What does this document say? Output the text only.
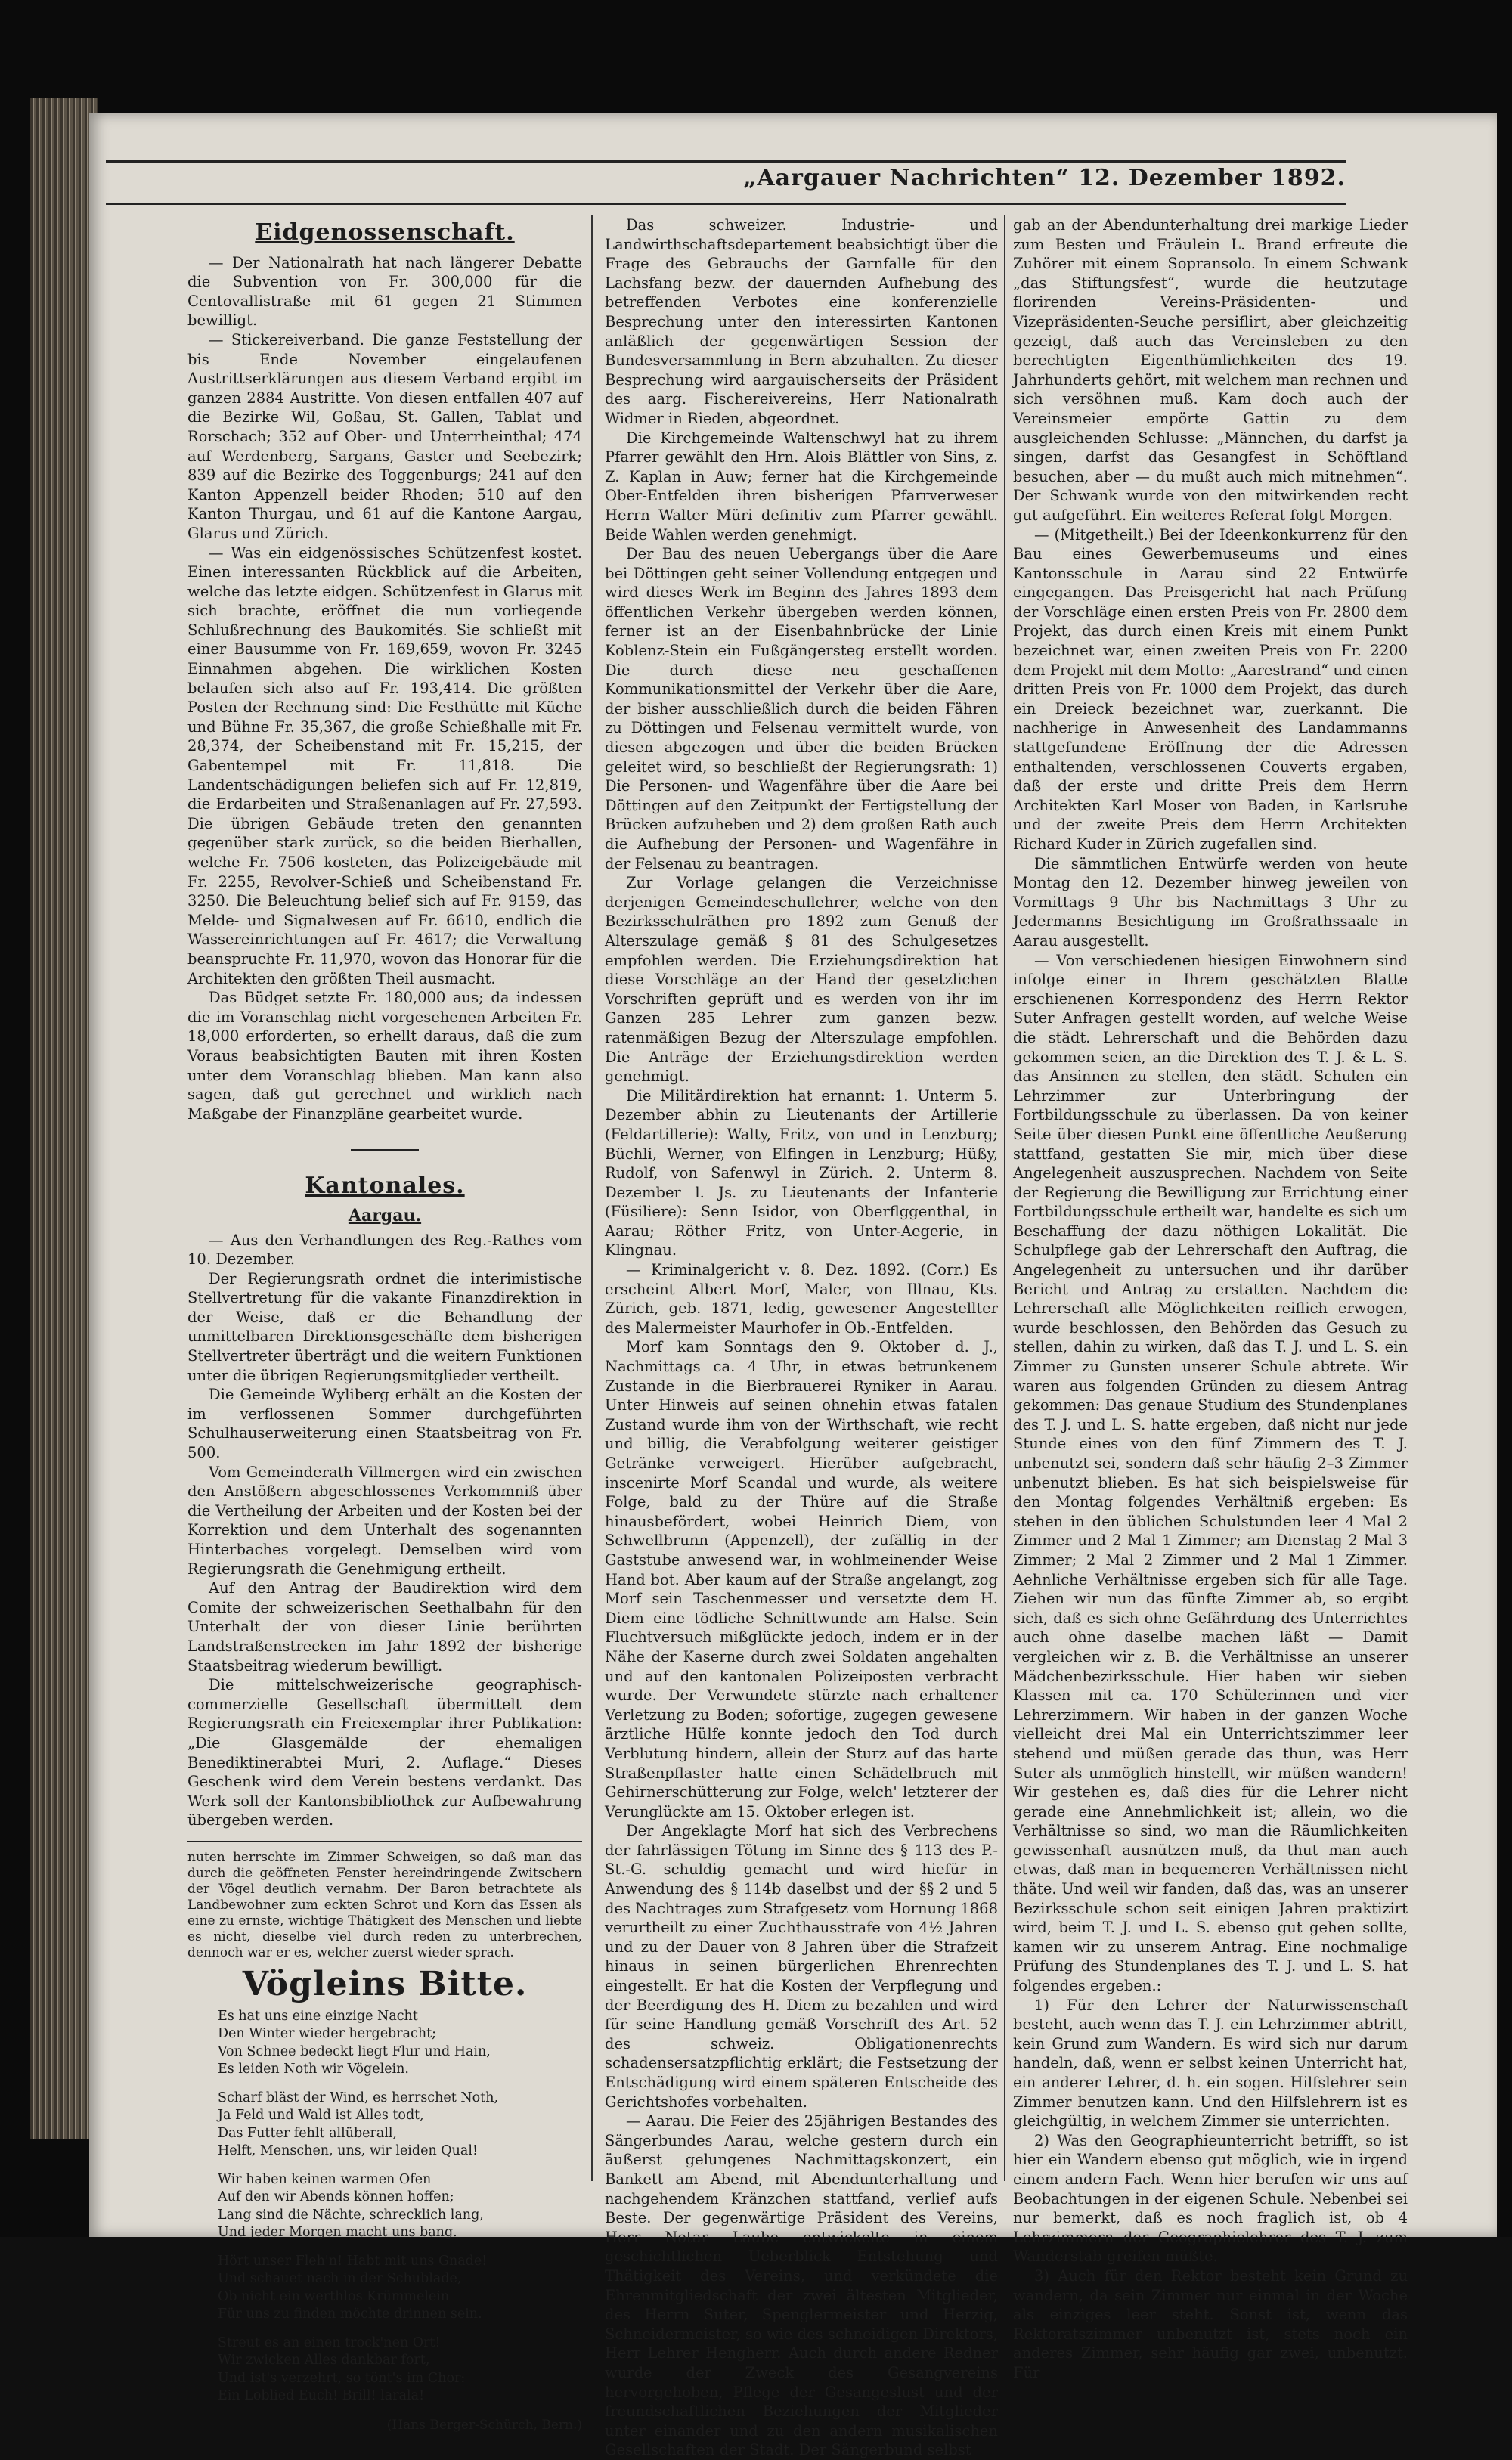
„Aargauer Nachrichten“ 12. Dezember 1892.
Eidgenossenschaft.

— Der Nationalrath hat nach längerer Debatte die Subvention von Fr. 300,000 für die Centovallistraße mit 61 gegen 21 Stimmen bewilligt.

— Stickereiverband. Die ganze Feststellung der bis Ende November eingelaufenen Austrittserklärungen aus diesem Verband ergibt im ganzen 2884 Austritte. Von diesen entfallen 407 auf die Bezirke Wil, Goßau, St. Gallen, Tablat und Rorschach; 352 auf Ober- und Unterrheinthal; 474 auf Werdenberg, Sargans, Gaster und Seebezirk; 839 auf die Bezirke des Toggenburgs; 241 auf den Kanton Appenzell beider Rhoden; 510 auf den Kanton Thurgau, und 61 auf die Kantone Aargau, Glarus und Zürich.

— Was ein eidgenössisches Schützenfest kostet. Einen interessanten Rückblick auf die Arbeiten, welche das letzte eidgen. Schützenfest in Glarus mit sich brachte, eröffnet die nun vorliegende Schlußrechnung des Baukomités. Sie schließt mit einer Bausumme von Fr. 169,659, wovon Fr. 3245 Einnahmen abgehen. Die wirklichen Kosten belaufen sich also auf Fr. 193,414. Die größten Posten der Rechnung sind: Die Festhütte mit Küche und Bühne Fr. 35,367, die große Schießhalle mit Fr. 28,374, der Scheibenstand mit Fr. 15,215, der Gabentempel mit Fr. 11,818. Die Landentschädigungen beliefen sich auf Fr. 12,819, die Erdarbeiten und Straßenanlagen auf Fr. 27,593. Die übrigen Gebäude treten den genannten gegenüber stark zurück, so die beiden Bierhallen, welche Fr. 7506 kosteten, das Polizeigebäude mit Fr. 2255, Revolver-Schieß und Scheibenstand Fr. 3250. Die Beleuchtung belief sich auf Fr. 9159, das Melde- und Signalwesen auf Fr. 6610, endlich die Wassereinrichtungen auf Fr. 4617; die Verwaltung beanspruchte Fr. 11,970, wovon das Honorar für die Architekten den größten Theil ausmacht.

Das Büdget setzte Fr. 180,000 aus; da indessen die im Voranschlag nicht vorgesehenen Arbeiten Fr. 18,000 erforderten, so erhellt daraus, daß die zum Voraus beabsichtigten Bauten mit ihren Kosten unter dem Voranschlag blieben. Man kann also sagen, daß gut gerechnet und wirklich nach Maßgabe der Finanzpläne gearbeitet wurde.

Kantonales.
Aargau.

— Aus den Verhandlungen des Reg.-Rathes vom 10. Dezember.

Der Regierungsrath ordnet die interimistische Stellvertretung für die vakante Finanzdirektion in der Weise, daß er die Behandlung der unmittelbaren Direktionsgeschäfte dem bisherigen Stellvertreter überträgt und die weitern Funktionen unter die übrigen Regierungsmitglieder vertheilt.

Die Gemeinde Wyliberg erhält an die Kosten der im verflossenen Sommer durchgeführten Schulhauserweiterung einen Staatsbeitrag von Fr. 500.

Vom Gemeinderath Villmergen wird ein zwischen den Anstößern abgeschlossenes Verkommniß über die Vertheilung der Arbeiten und der Kosten bei der Korrektion und dem Unterhalt des sogenannten Hinterbaches vorgelegt. Demselben wird vom Regierungsrath die Genehmigung ertheilt.

Auf den Antrag der Baudirektion wird dem Comite der schweizerischen Seethalbahn für den Unterhalt der von dieser Linie berührten Landstraßenstrecken im Jahr 1892 der bisherige Staatsbeitrag wiederum bewilligt.

Die mittelschweizerische geographisch-commerzielle Gesellschaft übermittelt dem Regierungsrath ein Freiexemplar ihrer Publikation: „Die Glasgemälde der ehemaligen Benediktinerabtei Muri, 2. Auflage.“ Dieses Geschenk wird dem Verein bestens verdankt. Das Werk soll der Kantonsbibliothek zur Aufbewahrung übergeben werden.

nuten herrschte im Zimmer Schweigen, so daß man das durch die geöffneten Fenster hereindringende Zwitschern der Vögel deutlich vernahm. Der Baron betrachtete als Landbewohner zum eckten Schrot und Korn das Essen als eine zu ernste, wichtige Thätigkeit des Menschen und liebte es nicht, dieselbe viel durch reden zu unterbrechen, dennoch war er es, welcher zuerst wieder sprach.

Vögleins Bitte.
Es hat uns eine einzige Nacht
Den Winter wieder hergebracht;
Von Schnee bedeckt liegt Flur und Hain,
Es leiden Noth wir Vögelein.
Scharf bläst der Wind, es herrschet Noth,
Ja Feld und Wald ist Alles todt,
Das Futter fehlt allüberall,
Helft, Menschen, uns, wir leiden Qual!
Wir haben keinen warmen Ofen
Auf den wir Abends können hoffen;
Lang sind die Nächte, schrecklich lang,
Und jeder Morgen macht uns bang.
Hört unser Fleh'n! Habt mit uns Gnade!
Und schauet nach in der Schublade,
Ob nicht ein werthlos Krümmelein
Für uns zu finden möchte drinnen sein.
Streut es an einen trock'nen Ort!
Wir zwicken Alles dankbar fort,
Und ist's verzehrt, so tönt's im Chor:
Ein Loblied Euch! Brill! larala!
(Hans Berger-Schürch, Bern.)

Das schweizer. Industrie- und Landwirthschaftsdepartement beabsichtigt über die Frage des Gebrauchs der Garnfalle für den Lachsfang bezw. der dauernden Aufhebung des betreffenden Verbotes eine konferenzielle Besprechung unter den interessirten Kantonen anläßlich der gegenwärtigen Session der Bundesversammlung in Bern abzuhalten. Zu dieser Besprechung wird aargauischerseits der Präsident des aarg. Fischereivereins, Herr Nationalrath Widmer in Rieden, abgeordnet.

Die Kirchgemeinde Waltenschwyl hat zu ihrem Pfarrer gewählt den Hrn. Alois Blättler von Sins, z. Z. Kaplan in Auw; ferner hat die Kirchgemeinde Ober-Entfelden ihren bisherigen Pfarrverweser Herrn Walter Müri definitiv zum Pfarrer gewählt. Beide Wahlen werden genehmigt.

Der Bau des neuen Uebergangs über die Aare bei Döttingen geht seiner Vollendung entgegen und wird dieses Werk im Beginn des Jahres 1893 dem öffentlichen Verkehr übergeben werden können, ferner ist an der Eisenbahnbrücke der Linie Koblenz-Stein ein Fußgängersteg erstellt worden. Die durch diese neu geschaffenen Kommunikationsmittel der Verkehr über die Aare, der bisher ausschließlich durch die beiden Fähren zu Döttingen und Felsenau vermittelt wurde, von diesen abgezogen und über die beiden Brücken geleitet wird, so beschließt der Regierungsrath: 1) Die Personen- und Wagenfähre über die Aare bei Döttingen auf den Zeitpunkt der Fertigstellung der Brücken aufzuheben und 2) dem großen Rath auch die Aufhebung der Personen- und Wagenfähre in der Felsenau zu beantragen.

Zur Vorlage gelangen die Verzeichnisse derjenigen Gemeindeschullehrer, welche von den Bezirksschulräthen pro 1892 zum Genuß der Alterszulage gemäß § 81 des Schulgesetzes empfohlen werden. Die Erziehungsdirektion hat diese Vorschläge an der Hand der gesetzlichen Vorschriften geprüft und es werden von ihr im Ganzen 285 Lehrer zum ganzen bezw. ratenmäßigen Bezug der Alterszulage empfohlen. Die Anträge der Erziehungsdirektion werden genehmigt.

Die Militärdirektion hat ernannt: 1. Unterm 5. Dezember abhin zu Lieutenants der Artillerie (Feldartillerie): Walty, Fritz, von und in Lenzburg; Büchli, Werner, von Elfingen in Lenzburg; Hüßy, Rudolf, von Safenwyl in Zürich. 2. Unterm 8. Dezember l. Js. zu Lieutenants der Infanterie (Füsiliere): Senn Isidor, von Oberflggenthal, in Aarau; Röther Fritz, von Unter-Aegerie, in Klingnau.

— Kriminalgericht v. 8. Dez. 1892. (Corr.) Es erscheint Albert Morf, Maler, von Illnau, Kts. Zürich, geb. 1871, ledig, gewesener Angestellter des Malermeister Maurhofer in Ob.-Entfelden.

Morf kam Sonntags den 9. Oktober d. J., Nachmittags ca. 4 Uhr, in etwas betrunkenem Zustande in die Bierbrauerei Ryniker in Aarau. Unter Hinweis auf seinen ohnehin etwas fatalen Zustand wurde ihm von der Wirthschaft, wie recht und billig, die Verabfolgung weiterer geistiger Getränke verweigert. Hierüber aufgebracht, inscenirte Morf Scandal und wurde, als weitere Folge, bald zu der Thüre auf die Straße hinausbefördert, wobei Heinrich Diem, von Schwellbrunn (Appenzell), der zufällig in der Gaststube anwesend war, in wohlmeinender Weise Hand bot. Aber kaum auf der Straße angelangt, zog Morf sein Taschenmesser und versetzte dem H. Diem eine tödliche Schnittwunde am Halse. Sein Fluchtversuch mißglückte jedoch, indem er in der Nähe der Kaserne durch zwei Soldaten angehalten und auf den kantonalen Polizeiposten verbracht wurde. Der Verwundete stürzte nach erhaltener Verletzung zu Boden; sofortige, zugegen gewesene ärztliche Hülfe konnte jedoch den Tod durch Verblutung hindern, allein der Sturz auf das harte Straßenpflaster hatte einen Schädelbruch mit Gehirnerschütterung zur Folge, welch' letzterer der Verunglückte am 15. Oktober erlegen ist.

Der Angeklagte Morf hat sich des Verbrechens der fahrlässigen Tötung im Sinne des § 113 des P.-St.-G. schuldig gemacht und wird hiefür in Anwendung des § 114b daselbst und der §§ 2 und 5 des Nachtrages zum Strafgesetz vom Hornung 1868 verurtheilt zu einer Zuchthausstrafe von 4½ Jahren und zu der Dauer von 8 Jahren über die Strafzeit hinaus in seinen bürgerlichen Ehrenrechten eingestellt. Er hat die Kosten der Verpflegung und der Beerdigung des H. Diem zu bezahlen und wird für seine Handlung gemäß Vorschrift des Art. 52 des schweiz. Obligationenrechts schadensersatzpflichtig erklärt; die Festsetzung der Entschädigung wird einem späteren Entscheide des Gerichtshofes vorbehalten.

— Aarau. Die Feier des 25jährigen Bestandes des Sängerbundes Aarau, welche gestern durch ein äußerst gelungenes Nachmittagskonzert, ein Bankett am Abend, mit Abendunterhaltung und nachgehendem Kränzchen stattfand, verlief aufs Beste. Der gegenwärtige Präsident des Vereins, Herr Notar Laube entwickelte in einem geschichtlichen Ueberblick Entstehung und Thätigkeit des Vereins, und verkündete die Ehrenmitgliedschaft der zwei ältesten Mitglieder, des Herrn Suter, Spenglermeister und Herzig, Schneidermeister, so wie des schneidigen Direktors, Herr Lehrer Hengherr. Auch durch andere Redner wurde der Zweck des Gesangvereins hervorgehoben, Pflege der Gesangeslust und der freundschaftlichen Beziehungen der Mitglieder unter einander und zu den andern musikalischen Gesellschaften der Stadt. Der Sängerbund selbst

gab an der Abendunterhaltung drei markige Lieder zum Besten und Fräulein L. Brand erfreute die Zuhörer mit einem Sopransolo. In einem Schwank „das Stiftungsfest“, wurde die heutzutage florirenden Vereins-Präsidenten- und Vizepräsidenten-Seuche persiflirt, aber gleichzeitig gezeigt, daß auch das Vereinsleben zu den berechtigten Eigenthümlichkeiten des 19. Jahrhunderts gehört, mit welchem man rechnen und sich versöhnen muß. Kam doch auch der Vereinsmeier empörte Gattin zu dem ausgleichenden Schlusse: „Männchen, du darfst ja singen, darfst das Gesangfest in Schöftland besuchen, aber — du mußt auch mich mitnehmen“. Der Schwank wurde von den mitwirkenden recht gut aufgeführt. Ein weiteres Referat folgt Morgen.

— (Mitgetheilt.) Bei der Ideenkonkurrenz für den Bau eines Gewerbemuseums und eines Kantonsschule in Aarau sind 22 Entwürfe eingegangen. Das Preisgericht hat nach Prüfung der Vorschläge einen ersten Preis von Fr. 2800 dem Projekt, das durch einen Kreis mit einem Punkt bezeichnet war, einen zweiten Preis von Fr. 2200 dem Projekt mit dem Motto: „Aarestrand“ und einen dritten Preis von Fr. 1000 dem Projekt, das durch ein Dreieck bezeichnet war, zuerkannt. Die nachherige in Anwesenheit des Landammanns stattgefundene Eröffnung der die Adressen enthaltenden, verschlossenen Couverts ergaben, daß der erste und dritte Preis dem Herrn Architekten Karl Moser von Baden, in Karlsruhe und der zweite Preis dem Herrn Architekten Richard Kuder in Zürich zugefallen sind.

Die sämmtlichen Entwürfe werden von heute Montag den 12. Dezember hinweg jeweilen von Vormittags 9 Uhr bis Nachmittags 3 Uhr zu Jedermanns Besichtigung im Großrathssaale in Aarau ausgestellt.

— Von verschiedenen hiesigen Einwohnern sind infolge einer in Ihrem geschätzten Blatte erschienenen Korrespondenz des Herrn Rektor Suter Anfragen gestellt worden, auf welche Weise die städt. Lehrerschaft und die Behörden dazu gekommen seien, an die Direktion des T. J. & L. S. das Ansinnen zu stellen, den städt. Schulen ein Lehrzimmer zur Unterbringung der Fortbildungsschule zu überlassen. Da von keiner Seite über diesen Punkt eine öffentliche Aeußerung stattfand, gestatten Sie mir, mich über diese Angelegenheit auszusprechen. Nachdem von Seite der Regierung die Bewilligung zur Errichtung einer Fortbildungsschule ertheilt war, handelte es sich um Beschaffung der dazu nöthigen Lokalität. Die Schulpflege gab der Lehrerschaft den Auftrag, die Angelegenheit zu untersuchen und ihr darüber Bericht und Antrag zu erstatten. Nachdem die Lehrerschaft alle Möglichkeiten reiflich erwogen, wurde beschlossen, den Behörden das Gesuch zu stellen, dahin zu wirken, daß das T. J. und L. S. ein Zimmer zu Gunsten unserer Schule abtrete. Wir waren aus folgenden Gründen zu diesem Antrag gekommen: Das genaue Studium des Stundenplanes des T. J. und L. S. hatte ergeben, daß nicht nur jede Stunde eines von den fünf Zimmern des T. J. unbenutzt sei, sondern daß sehr häufig 2–3 Zimmer unbenutzt blieben. Es hat sich beispielsweise für den Montag folgendes Verhältniß ergeben: Es stehen in den üblichen Schulstunden leer 4 Mal 2 Zimmer und 2 Mal 1 Zimmer; am Dienstag 2 Mal 3 Zimmer; 2 Mal 2 Zimmer und 2 Mal 1 Zimmer. Aehnliche Verhältnisse ergeben sich für alle Tage. Ziehen wir nun das fünfte Zimmer ab, so ergibt sich, daß es sich ohne Gefährdung des Unterrichtes auch ohne daselbe machen läßt — Damit vergleichen wir z. B. die Verhältnisse an unserer Mädchenbezirksschule. Hier haben wir sieben Klassen mit ca. 170 Schülerinnen und vier Lehrerzimmern. Wir haben in der ganzen Woche vielleicht drei Mal ein Unterrichtszimmer leer stehend und müßen gerade das thun, was Herr Suter als unmöglich hinstellt, wir müßen wandern! Wir gestehen es, daß dies für die Lehrer nicht gerade eine Annehmlichkeit ist; allein, wo die Verhältnisse so sind, wo man die Räumlichkeiten gewissenhaft ausnützen muß, da thut man auch etwas, daß man in bequemeren Verhältnissen nicht thäte. Und weil wir fanden, daß das, was an unserer Bezirksschule schon seit einigen Jahren praktizirt wird, beim T. J. und L. S. ebenso gut gehen sollte, kamen wir zu unserem Antrag. Eine nochmalige Prüfung des Stundenplanes des T. J. und L. S. hat folgendes ergeben.:

1) Für den Lehrer der Naturwissenschaft besteht, auch wenn das T. J. ein Lehrzimmer abtritt, kein Grund zum Wandern. Es wird sich nur darum handeln, daß, wenn er selbst keinen Unterricht hat, ein anderer Lehrer, d. h. ein sogen. Hilfslehrer sein Zimmer benutzen kann. Und den Hilfslehrern ist es gleichgültig, in welchem Zimmer sie unterrichten.

2) Was den Geographieunterricht betrifft, so ist hier ein Wandern ebenso gut möglich, wie in irgend einem andern Fach. Wenn hier berufen wir uns auf Beobachtungen in der eigenen Schule. Nebenbei sei nur bemerkt, daß es noch fraglich ist, ob 4 Lehrzimmern der Geographielehrer des T. J. zum Wanderstab greifen müßte.

3) Auch für den Rektor besteht kein Grund zu wandern, da sein Zimmer nur einmal in der Woche als einziges leer steht. Sonst ist, wenn das Rektoratszimmer unbenutzt ist, stets noch ein anderes Zimmer, sehr häufig gar zwei, unbenutzt. Für
